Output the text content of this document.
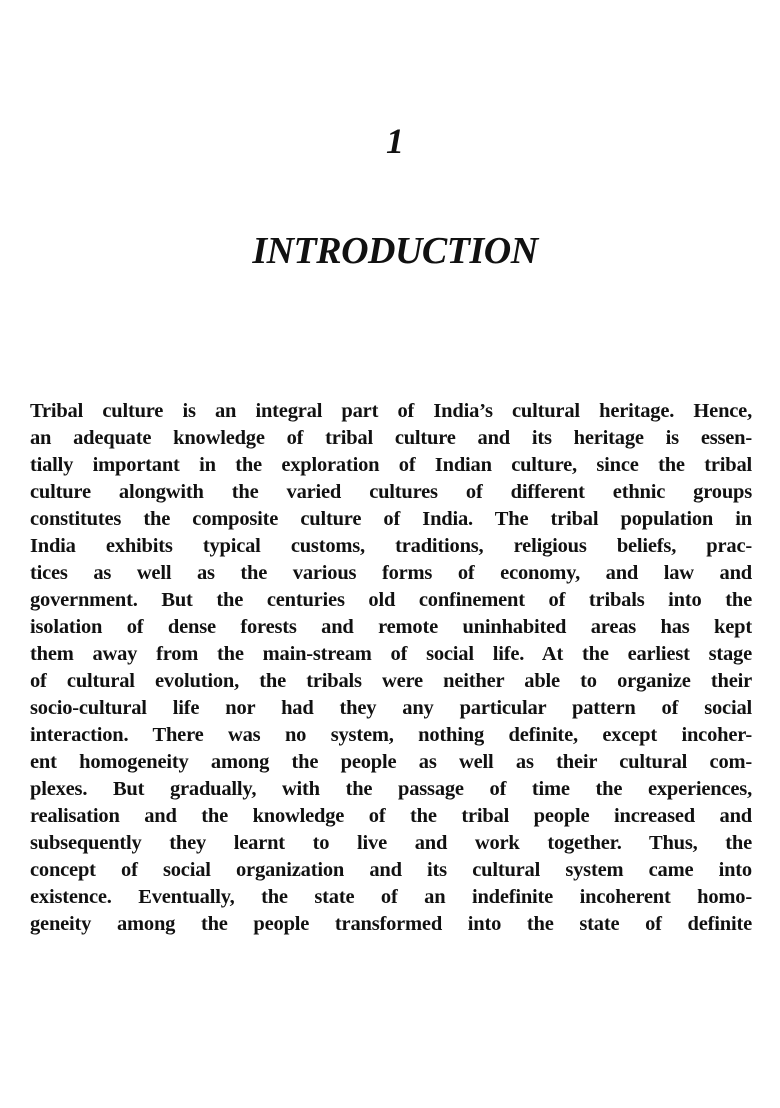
1
INTRODUCTION
Tribal culture is an integral part of India’s cultural heritage. Hence,
an adequate knowledge of tribal culture and its heritage is essen-
tially important in the exploration of Indian culture, since the tribal
culture alongwith the varied cultures of different ethnic groups
constitutes the composite culture of India. The tribal population in
India exhibits typical customs, traditions, religious beliefs, prac-
tices as well as the various forms of economy, and law and
government. But the centuries old confinement of tribals into the
isolation of dense forests and remote uninhabited areas has kept
them away from the main-stream of social life. At the earliest stage
of cultural evolution, the tribals were neither able to organize their
socio-cultural life nor had they any particular pattern of social
interaction. There was no system, nothing definite, except incoher-
ent homogeneity among the people as well as their cultural com-
plexes. But gradually, with the passage of time the experiences,
realisation and the knowledge of the tribal people increased and
subsequently they learnt to live and work together. Thus, the
concept of social organization and its cultural system came into
existence. Eventually, the state of an indefinite incoherent homo-
geneity among the people transformed into the state of definite
